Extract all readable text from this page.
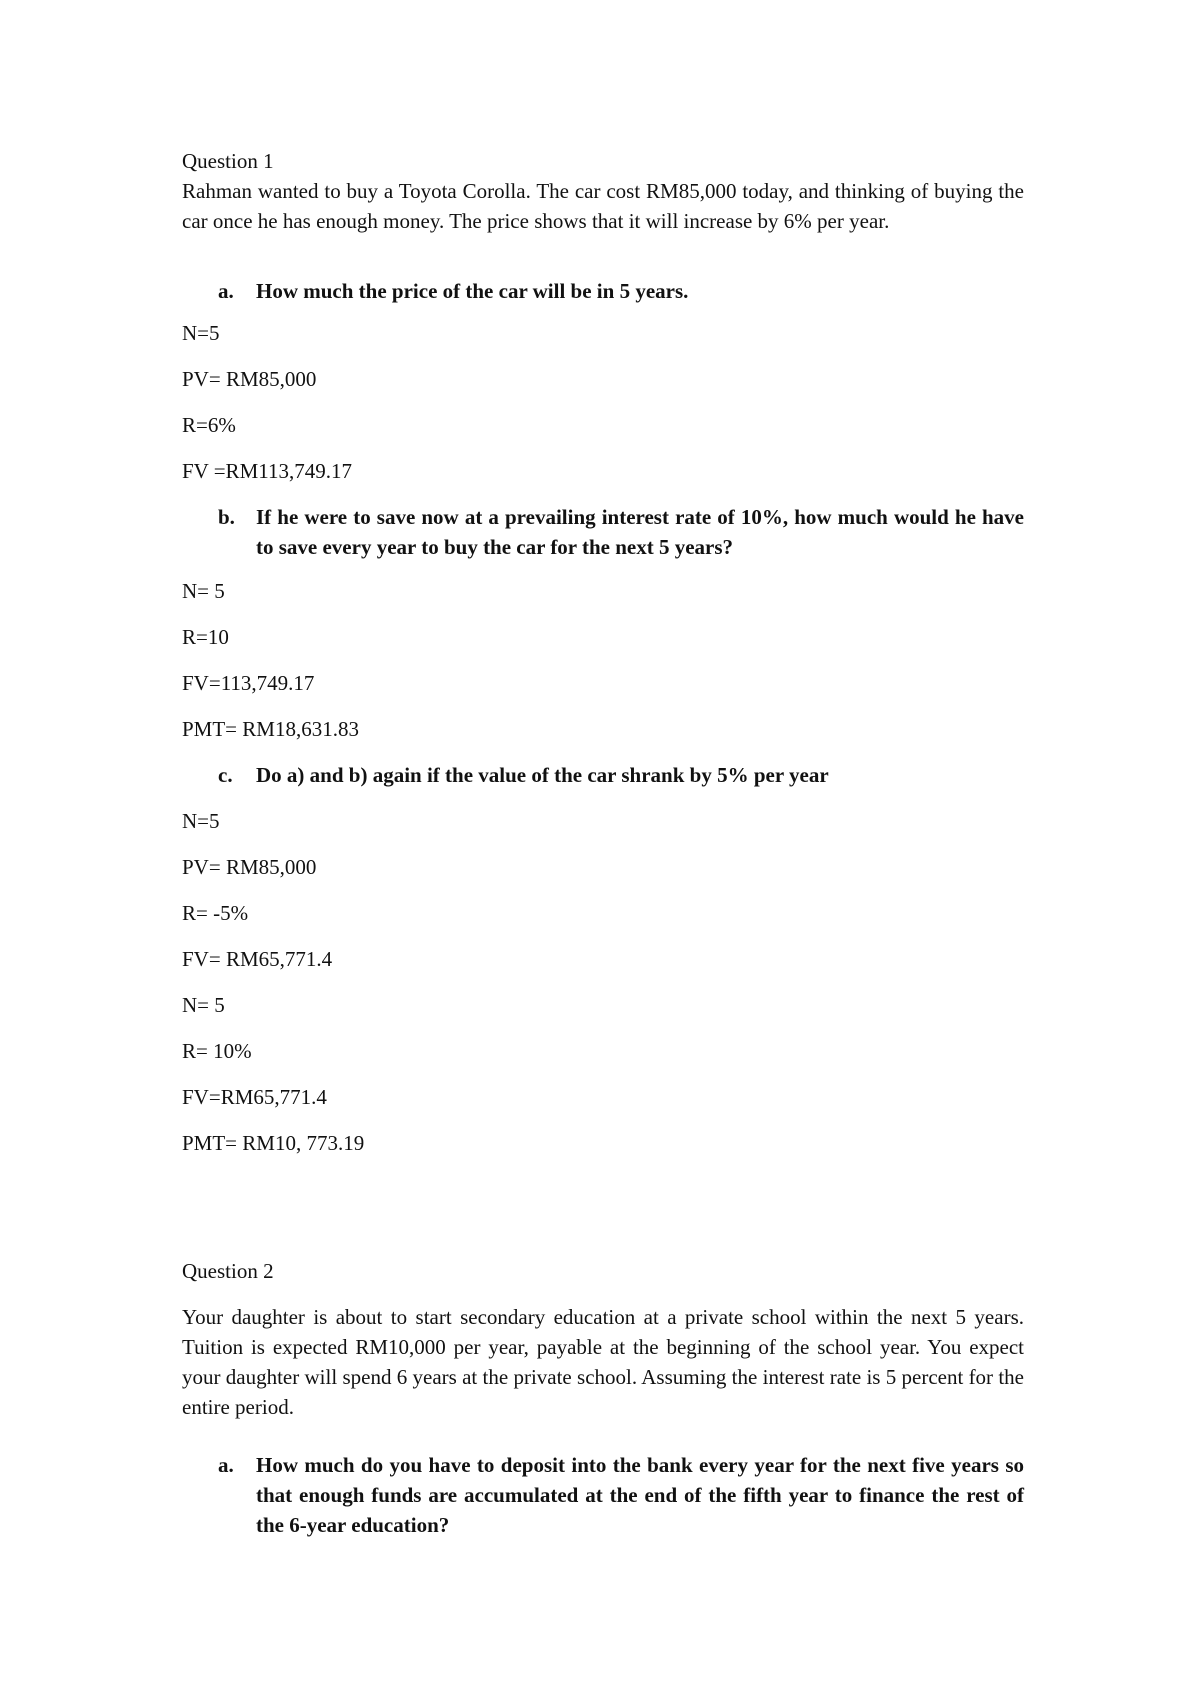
Question 1
Rahman wanted to buy a Toyota Corolla. The car cost RM85,000 today, and thinking of buying the car once he has enough money. The price shows that it will increase by 6% per year.
a. How much the price of the car will be in 5 years.
N=5
PV= RM85,000
R=6%
FV =RM113,749.17
b. If he were to save now at a prevailing interest rate of 10%, how much would he have to save every year to buy the car for the next 5 years?
N= 5
R=10
FV=113,749.17
PMT= RM18,631.83
c. Do a) and b) again if the value of the car shrank by 5% per year
N=5
PV= RM85,000
R= -5%
FV= RM65,771.4
N= 5
R= 10%
FV=RM65,771.4
PMT= RM10, 773.19
Question 2
Your daughter is about to start secondary education at a private school within the next 5 years. Tuition is expected RM10,000 per year, payable at the beginning of the school year. You expect your daughter will spend 6 years at the private school. Assuming the interest rate is 5 percent for the entire period.
a. How much do you have to deposit into the bank every year for the next five years so that enough funds are accumulated at the end of the fifth year to finance the rest of the 6-year education?
